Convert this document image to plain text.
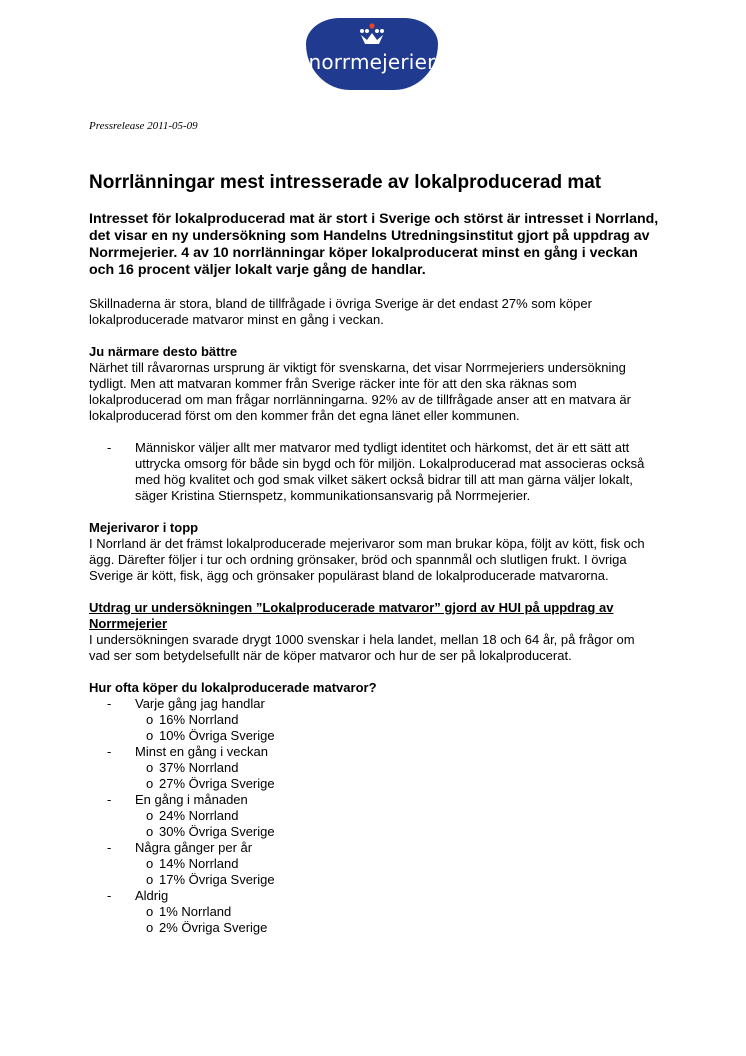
norrmejerier
Pressrelease 2011-05-09
Norrlänningar mest intresserade av lokalproducerad mat
Intresset för lokalproducerad mat är stort i Sverige och störst är intresset i Norrland, det visar en ny undersökning som Handelns Utredningsinstitut gjort på uppdrag av Norrmejerier. 4 av 10 norrlänningar köper lokalproducerat minst en gång i veckan och 16 procent väljer lokalt varje gång de handlar.

Skillnaderna är stora, bland de tillfrågade i övriga Sverige är det endast 27% som köper lokalproducerade matvaror minst en gång i veckan.

Ju närmare desto bättre
Närhet till råvarornas ursprung är viktigt för svenskarna, det visar Norrmejeriers undersökning tydligt. Men att matvaran kommer från Sverige räcker inte för att den ska räknas som lokalproducerad om man frågar norrlänningarna. 92% av de tillfrågade anser att en matvara är lokalproducerad först om den kommer från det egna länet eller kommunen.

- Människor väljer allt mer matvaror med tydligt identitet och härkomst, det är ett sätt att uttrycka omsorg för både sin bygd och för miljön. Lokalproducerad mat associeras också med hög kvalitet och god smak vilket säkert också bidrar till att man gärna väljer lokalt, säger Kristina Stiernspetz, kommunikationsansvarig på Norrmejerier.

Mejerivaror i topp
I Norrland är det främst lokalproducerade mejerivaror som man brukar köpa, följt av kött, fisk och ägg. Därefter följer i tur och ordning grönsaker, bröd och spannmål och slutligen frukt. I övriga Sverige är kött, fisk, ägg och grönsaker populärast bland de lokalproducerade matvarorna.

Utdrag ur undersökningen ”Lokalproducerade matvaror” gjord av HUI på uppdrag av Norrmejerier
I undersökningen svarade drygt 1000 svenskar i hela landet, mellan 18 och 64 år, på frågor om vad ser som betydelsefullt när de köper matvaror och hur de ser på lokalproducerat.

Hur ofta köper du lokalproducerade matvaror?
- Varje gång jag handlar
o 16% Norrland
o 10% Övriga Sverige
- Minst en gång i veckan
o 37% Norrland
o 27% Övriga Sverige
- En gång i månaden
o 24% Norrland
o 30% Övriga Sverige
- Några gånger per år
o 14% Norrland
o 17% Övriga Sverige
- Aldrig
o 1% Norrland
o 2% Övriga Sverige
